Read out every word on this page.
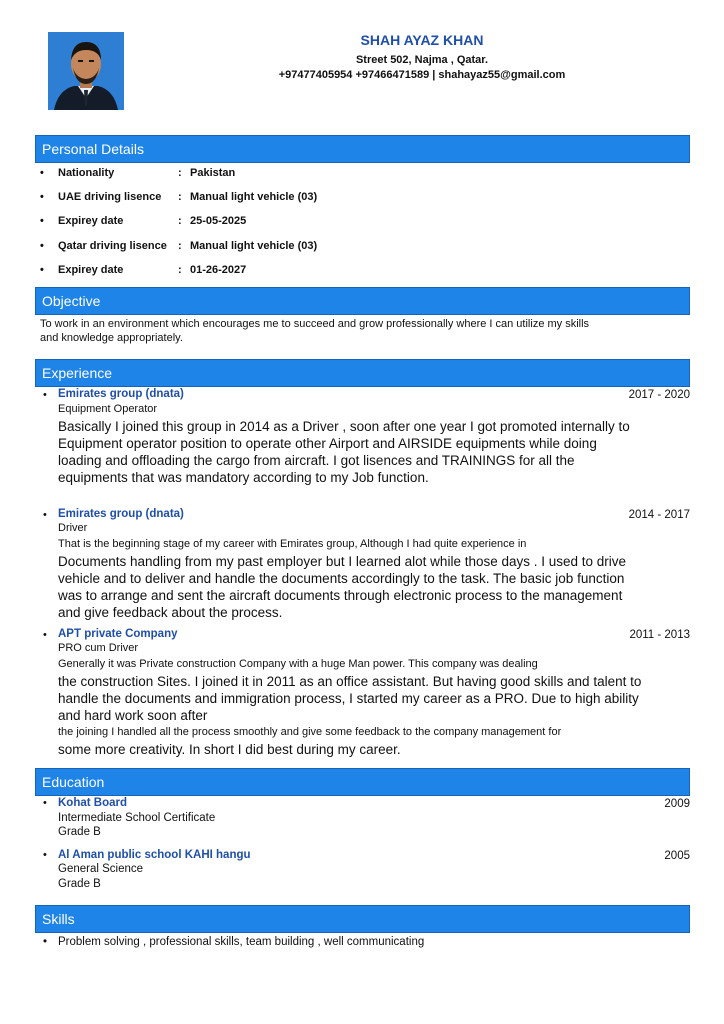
SHAH AYAZ KHAN
Street 502, Najma , Qatar.
+97477405954 +97466471589 | shahayaz55@gmail.com
Personal Details
• Nationality	: Pakistan
• UAE driving lisence : Manual light vehicle (03)
• Expirey date	: 25-05-2025
• Qatar driving lisence : Manual light vehicle (03)
• Expirey date	: 01-26-2027
Objective
To work in an environment which encourages me to succeed and grow professionally where I can utilize my skills
and knowledge appropriately.
Experience
• Emirates group (dnata)	2017 - 2020
Equipment Operator
Basically I joined this group in 2014 as a Driver , soon after one year I got promoted internally to
Equipment operator position to operate other Airport and AIRSIDE equipments while doing
loading and offloading the cargo from aircraft. I got lisences and TRAININGS for all the
equipments that was mandatory according to my Job function.
• Emirates group (dnata)	2014 - 2017
Driver
That is the beginning stage of my career with Emirates group, Although I had quite experience in
Documents handling from my past employer but I learned alot while those days . I used to drive
vehicle and to deliver and handle the documents accordingly to the task. The basic job function
was to arrange and sent the aircraft documents through electronic process to the management
and give feedback about the process.
• APT private Company	2011 - 2013
PRO cum Driver
Generally it was Private construction Company with a huge Man power. This company was dealing
the construction Sites. I joined it in 2011 as an office assistant. But having good skills and talent to
handle the documents and immigration process, I started my career as a PRO. Due to high ability
and hard work soon after
the joining I handled all the process smoothly and give some feedback to the company management for
some more creativity. In short I did best during my career.
Education
• Kohat Board	2009
Intermediate School Certificate
Grade B
• Al Aman public school KAHI hangu	2005
General Science
Grade B
Skills
• Problem solving , professional skills, team building , well communicating
